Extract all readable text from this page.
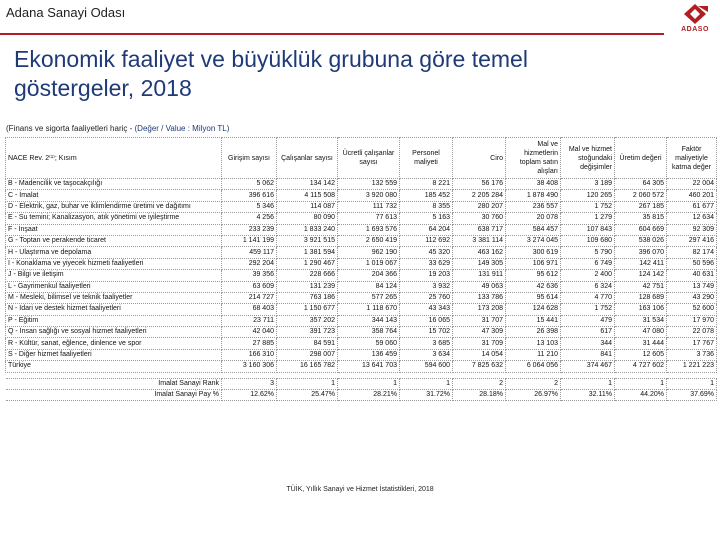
Adana Sanayi Odası
ADASO
Ekonomik faaliyet ve büyüklük grubuna göre temel göstergeler, 2018
(Finans ve sigorta faaliyetleri hariç - (Değer / Value : Milyon TL)
NACE Rev. 2⁽¹⁾; Kısım	Girişim sayısı	Çalışanlar sayısı	Ücretli çalışanlar sayısı	Personel maliyeti	Ciro	Mal ve hizmetlerin toplam satın alışları	Mal ve hizmet stoğundaki değişimler	Üretim değeri	Faktör maliyetiyle katma değer
B - Madencilik ve taşocakçılığı	5 062	134 142	132 559	8 221	56 176	38 408	3 189	64 305	22 004
C - İmalat	396 616	4 115 508	3 920 080	185 452	2 205 284	1 878 490	120 265	2 060 572	460 201
D - Elektrik, gaz, buhar ve iklimlendirme üretimi ve dağıtımı	5 346	114 087	111 732	8 355	280 207	236 557	1 752	267 185	61 677
E - Su temini; Kanalizasyon, atık yönetimi ve iyileştirme	4 256	80 090	77 613	5 163	30 760	20 078	1 279	35 815	12 634
F - İnşaat	233 239	1 833 240	1 693 576	64 204	638 717	584 457	107 843	604 669	92 309
G - Toptan ve perakende ticaret	1 141 199	3 921 515	2 650 419	112 692	3 381 114	3 274 045	109 680	538 026	297 416
H - Ulaştırma ve depolama	459 117	1 381 594	962 190	45 320	463 162	300 619	5 790	396 070	82 174
I - Konaklama ve yiyecek hizmeti faaliyetleri	292 204	1 290 467	1 019 067	33 629	149 305	106 971	6 749	142 411	50 596
J - Bilgi ve iletişim	39 356	228 666	204 366	19 203	131 911	95 612	2 400	124 142	40 631
L - Gayrimenkul faaliyetleri	63 609	131 239	84 124	3 932	49 063	42 636	6 324	42 751	13 749
M - Mesleki, bilimsel ve teknik faaliyetler	214 727	763 186	577 265	25 760	133 786	95 614	4 770	128 689	43 290
N - İdari ve destek hizmet faaliyetleri	68 403	1 150 677	1 118 670	43 343	173 208	124 628	1 752	163 106	52 600
P - Eğitim	23 711	357 202	344 143	16 065	31 707	15 441	479	31 534	17 970
Q - İnsan sağlığı ve sosyal hizmet faaliyetleri	42 040	391 723	358 764	15 702	47 309	26 398	617	47 080	22 078
R - Kültür, sanat, eğlence, dinlence ve spor	27 885	84 591	59 060	3 685	31 709	13 103	344	31 444	17 767
S - Diğer hizmet faaliyetleri	166 310	298 007	136 459	3 634	14 054	11 210	841	12 605	3 736
Türkiye	3 160 306	16 165 782	13 641 703	594 600	7 825 632	6 064 056	374 467	4 727 602	1 221 223

İmalat Sanayi Rank	3	1	1	1	2	2	1	1	1
İmalat Sanayi Pay %	12.62%	25.47%	28.21%	31.72%	28.18%	26.97%	32.11%	44.20%	37.69%
TÜİK, Yıllık Sanayi ve Hizmet İstatistikleri, 2018
